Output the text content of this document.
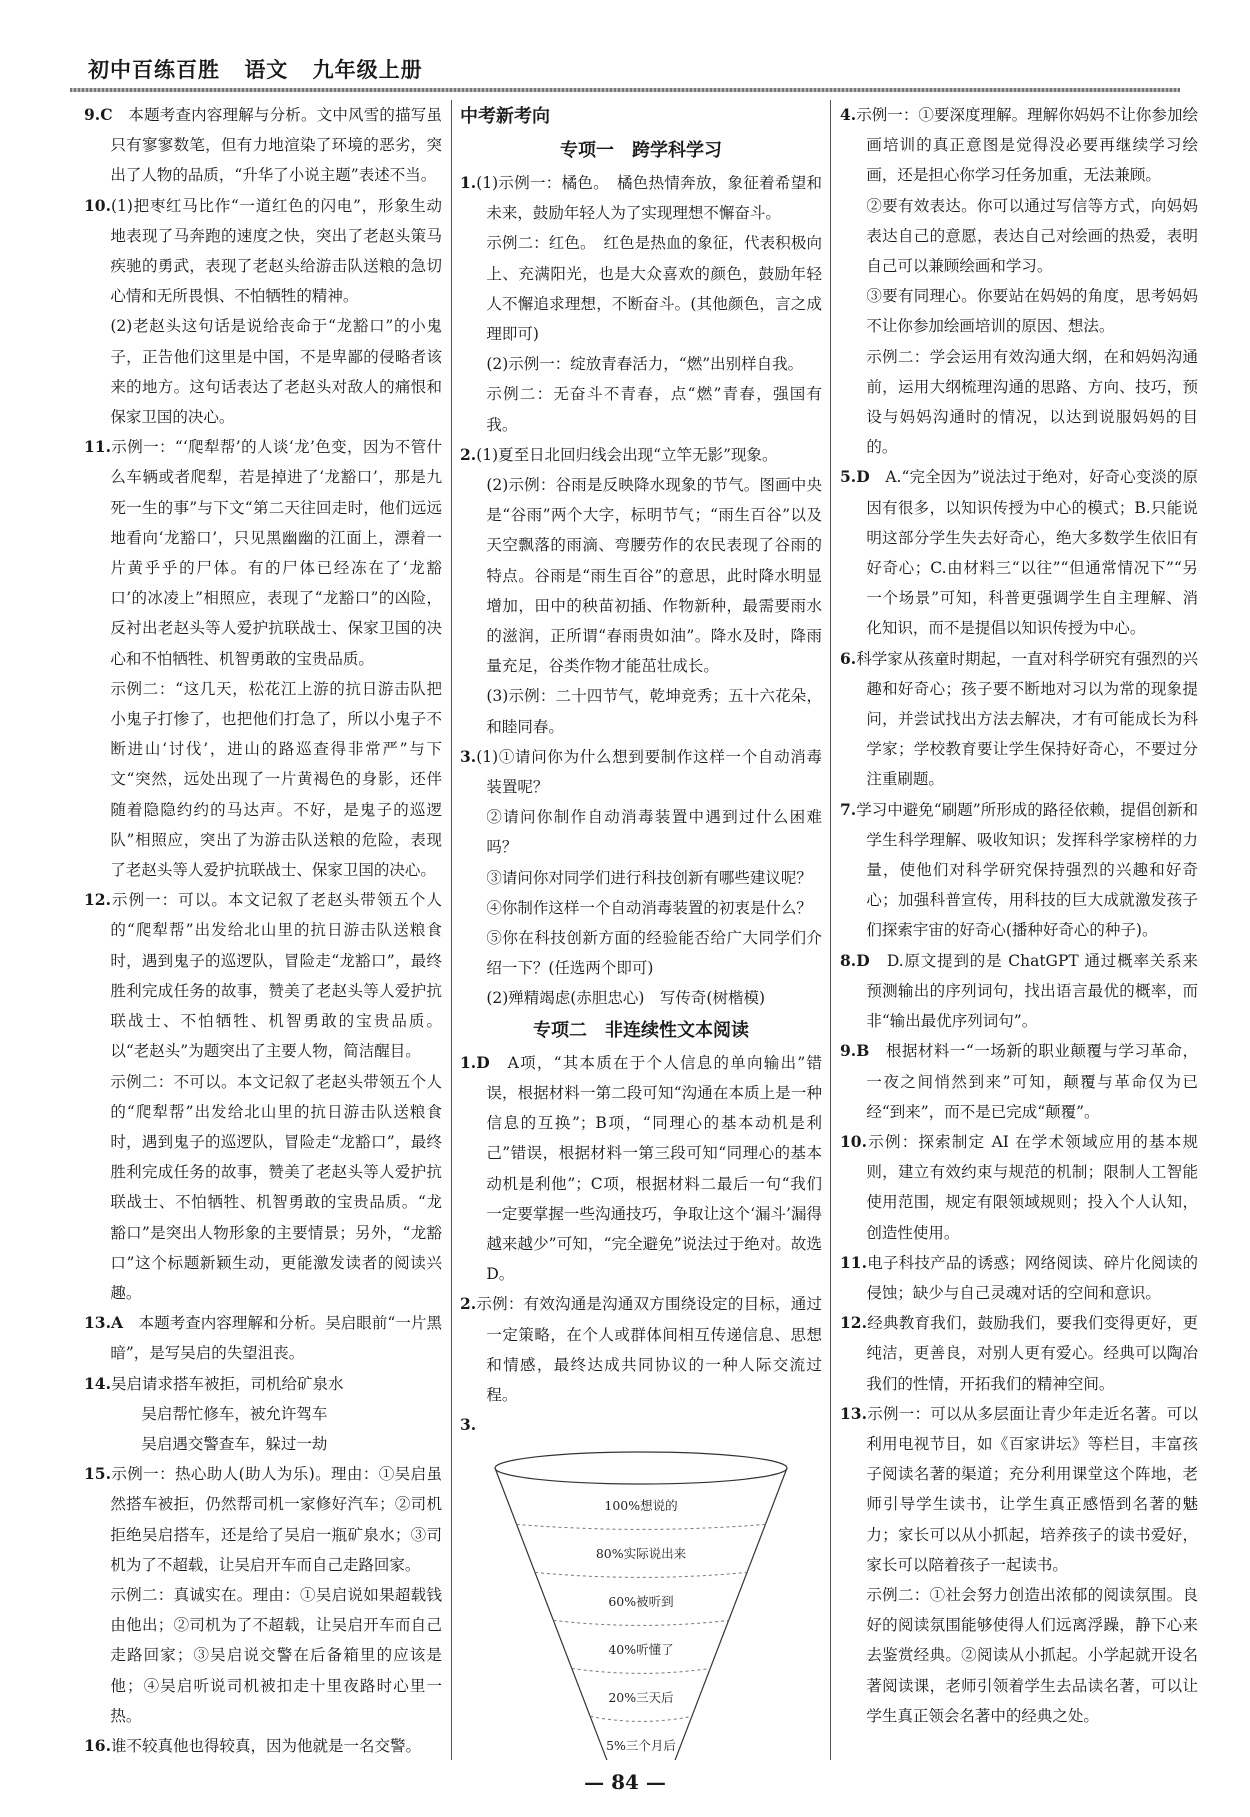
初中百练百胜 语文 九年级上册

9.C　 本题考查内容理解与分析。文中风雪的描写虽只有寥寥数笔，但有力地渲染了环境的恶劣，突出了人物的品质，“升华了小说主题”表述不当。

10.(1)把枣红马比作“一道红色的闪电”，形象生动地表现了马奔跑的速度之快，突出了老赵头策马疾驰的勇武，表现了老赵头给游击队送粮的急切心情和无所畏惧、不怕牺牲的精神。

(2)老赵头这句话是说给丧命于“龙豁口”的小鬼子，正告他们这里是中国，不是卑鄙的侵略者该来的地方。这句话表达了老赵头对敌人的痛恨和保家卫国的决心。

11.示例一：“‘爬犁帮’的人谈‘龙’色变，因为不管什么车辆或者爬犁，若是掉进了‘龙豁口’，那是九死一生的事”与下文“第二天往回走时，他们远远地看向‘龙豁口’，只见黑幽幽的江面上，漂着一片黄乎乎的尸体。有的尸体已经冻在了‘龙豁口’的冰凌上”相照应，表现了“龙豁口”的凶险，反衬出老赵头等人爱护抗联战士、保家卫国的决心和不怕牺牲、机智勇敢的宝贵品质。

示例二：“这几天，松花江上游的抗日游击队把小鬼子打惨了，也把他们打急了，所以小鬼子不断进山‘讨伐’，进山的路巡查得非常严”与下文“突然，远处出现了一片黄褐色的身影，还伴随着隐隐约约的马达声。不好，是鬼子的巡逻队”相照应，突出了为游击队送粮的危险，表现了老赵头等人爱护抗联战士、保家卫国的决心。

12.示例一：可以。本文记叙了老赵头带领五个人的“爬犁帮”出发给北山里的抗日游击队送粮食时，遇到鬼子的巡逻队，冒险走“龙豁口”，最终胜利完成任务的故事，赞美了老赵头等人爱护抗联战士、不怕牺牲、机智勇敢的宝贵品质。以“老赵头”为题突出了主要人物，简洁醒目。

示例二：不可以。本文记叙了老赵头带领五个人的“爬犁帮”出发给北山里的抗日游击队送粮食时，遇到鬼子的巡逻队，冒险走“龙豁口”，最终胜利完成任务的故事，赞美了老赵头等人爱护抗联战士、不怕牺牲、机智勇敢的宝贵品质。“龙豁口”是突出人物形象的主要情景；另外，“龙豁口”这个标题新颖生动，更能激发读者的阅读兴趣。

13.A　 本题考查内容理解和分析。吴启眼前“一片黑暗”，是写吴启的失望沮丧。

14.吴启请求搭车被拒，司机给矿泉水

吴启帮忙修车，被允许驾车

吴启遇交警查车，躲过一劫

15.示例一：热心助人(助人为乐)。理由：①吴启虽然搭车被拒，仍然帮司机一家修好汽车；②司机拒绝吴启搭车，还是给了吴启一瓶矿泉水；③司机为了不超载，让吴启开车而自己走路回家。

示例二：真诚实在。理由：①吴启说如果超载钱由他出；②司机为了不超载，让吴启开车而自己走路回家；③吴启说交警在后备箱里的应该是他；④吴启听说司机被扣走十里夜路时心里一热。

16.谁不较真他也得较真，因为他就是一名交警。

中考新考向
专项一　跨学科学习

1.(1)示例一：橘色。　橘色热情奔放，象征着希望和未来，鼓励年轻人为了实现理想不懈奋斗。

示例二：红色。　红色是热血的象征，代表积极向上、充满阳光，也是大众喜欢的颜色，鼓励年轻人不懈追求理想，不断奋斗。(其他颜色，言之成理即可)

(2)示例一：绽放青春活力，“燃”出别样自我。

示例二：无奋斗不青春，点“燃”青春，强国有我。

2.(1)夏至日北回归线会出现“立竿无影”现象。

(2)示例：谷雨是反映降水现象的节气。图画中央是“谷雨”两个大字，标明节气；“雨生百谷”以及天空飘落的雨滴、弯腰劳作的农民表现了谷雨的特点。谷雨是“雨生百谷”的意思，此时降水明显增加，田中的秧苗初插、作物新种，最需要雨水的滋润，正所谓“春雨贵如油”。降水及时，降雨量充足，谷类作物才能茁壮成长。

(3)示例：二十四节气，乾坤竞秀；五十六花朵，和睦同春。

3.(1)①请问你为什么想到要制作这样一个自动消毒装置呢？

②请问你制作自动消毒装置中遇到过什么困难吗？

③请问你对同学们进行科技创新有哪些建议呢？

④你制作这样一个自动消毒装置的初衷是什么？

⑤你在科技创新方面的经验能否给广大同学们介绍一下？(任选两个即可)

(2)殚精竭虑(赤胆忠心)　写传奇(树楷模)

专项二　非连续性文本阅读

1.D　 A项，“其本质在于个人信息的单向输出”错误，根据材料一第二段可知“沟通在本质上是一种信息的互换”；B项，“同理心的基本动机是利己”错误，根据材料一第三段可知“同理心的基本动机是利他”；C项，根据材料二最后一句“我们一定要掌握一些沟通技巧，争取让这个‘漏斗’漏得越来越少”可知，“完全避免”说法过于绝对。故选D。

2.示例：有效沟通是沟通双方围绕设定的目标，通过一定策略，在个人或群体间相互传递信息、思想和情感，最终达成共同协议的一种人际交流过程。

3.

100%想说的
80%实际说出来
60%被听到
40%听懂了
20%三天后
5%三个月后

4.示例一：①要深度理解。理解你妈妈不让你参加绘画培训的真正意图是觉得没必要再继续学习绘画，还是担心你学习任务加重，无法兼顾。

②要有效表达。你可以通过写信等方式，向妈妈表达自己的意愿，表达自己对绘画的热爱，表明自己可以兼顾绘画和学习。

③要有同理心。你要站在妈妈的角度，思考妈妈不让你参加绘画培训的原因、想法。

示例二：学会运用有效沟通大纲，在和妈妈沟通前，运用大纲梳理沟通的思路、方向、技巧，预设与妈妈沟通时的情况，以达到说服妈妈的目的。

5.D　 A.“完全因为”说法过于绝对，好奇心变淡的原因有很多，以知识传授为中心的模式；B.只能说明这部分学生失去好奇心，绝大多数学生依旧有好奇心；C.由材料三“以往”“但通常情况下”“另一个场景”可知，科普更强调学生自主理解、消化知识，而不是提倡以知识传授为中心。

6.科学家从孩童时期起，一直对科学研究有强烈的兴趣和好奇心；孩子要不断地对习以为常的现象提问，并尝试找出方法去解决，才有可能成长为科学家；学校教育要让学生保持好奇心，不要过分注重刷题。

7.学习中避免“刷题”所形成的路径依赖，提倡创新和学生科学理解、吸收知识；发挥科学家榜样的力量，使他们对科学研究保持强烈的兴趣和好奇心；加强科普宣传，用科技的巨大成就激发孩子们探索宇宙的好奇心(播种好奇心的种子)。

8.D　 D.原文提到的是 ChatGPT 通过概率关系来预测输出的序列词句，找出语言最优的概率，而非“输出最优序列词句”。

9.B　 根据材料一“一场新的职业颠覆与学习革命，一夜之间悄然到来”可知，颠覆与革命仅为已经“到来”，而不是已完成“颠覆”。

10.示例：探索制定 AI 在学术领域应用的基本规则，建立有效约束与规范的机制；限制人工智能使用范围，规定有限领域规则；投入个人认知，创造性使用。

11.电子科技产品的诱惑；网络阅读、碎片化阅读的侵蚀；缺少与自己灵魂对话的空间和意识。

12.经典教育我们，鼓励我们，要我们变得更好，更纯洁，更善良，对别人更有爱心。经典可以陶冶我们的性情，开拓我们的精神空间。

13.示例一：可以从多层面让青少年走近名著。可以利用电视节目，如《百家讲坛》等栏目，丰富孩子阅读名著的渠道；充分利用课堂这个阵地，老师引导学生读书，让学生真正感悟到名著的魅力；家长可以从小抓起，培养孩子的读书爱好，家长可以陪着孩子一起读书。

示例二：①社会努力创造出浓郁的阅读氛围。良好的阅读氛围能够使得人们远离浮躁，静下心来去鉴赏经典。②阅读从小抓起。小学起就开设名著阅读课，老师引领着学生去品读名著，可以让学生真正领会名著中的经典之处。

— 84 —
